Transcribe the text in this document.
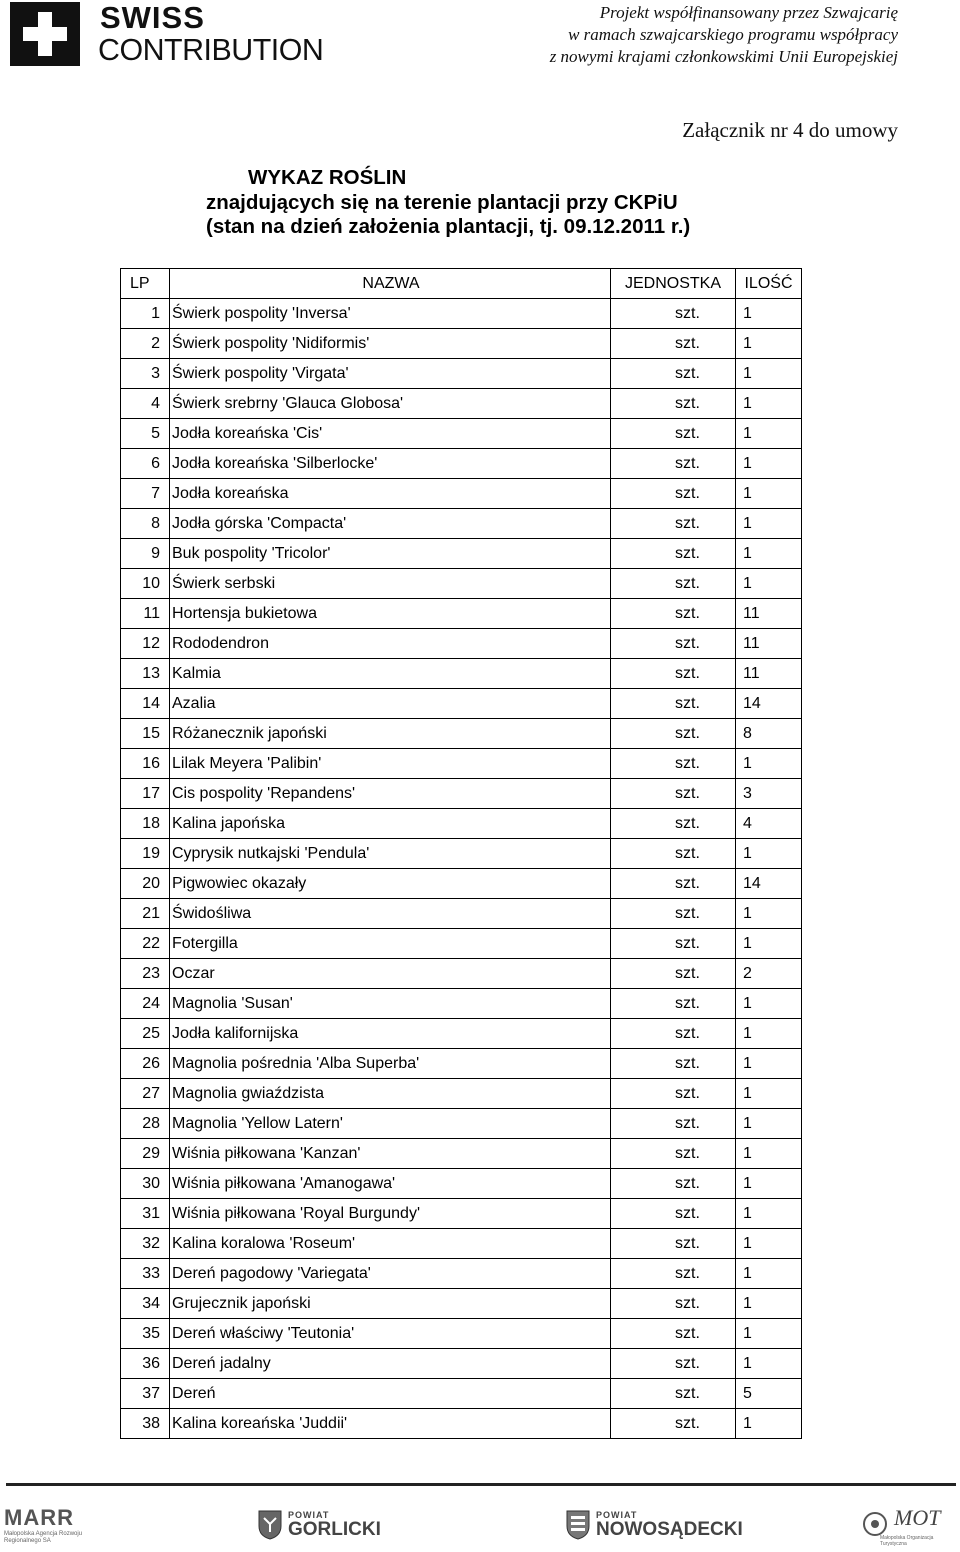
SWISS
CONTRIBUTION
Projekt współfinansowany przez Szwajcarię
w ramach szwajcarskiego programu współpracy
z nowymi krajami członkowskimi Unii Europejskiej
Załącznik nr 4 do umowy
WYKAZ ROŚLIN
znajdujących się na terenie plantacji przy CKPiU
(stan na dzień założenia plantacji, tj. 09.12.2011 r.)
LP	NAZWA	JEDNOSTKA	ILOŚĆ
1	Świerk pospolity 'Inversa'	szt.	1
2	Świerk pospolity 'Nidiformis'	szt.	1
3	Świerk pospolity 'Virgata'	szt.	1
4	Świerk srebrny 'Glauca Globosa'	szt.	1
5	Jodła koreańska 'Cis'	szt.	1
6	Jodła koreańska 'Silberlocke'	szt.	1
7	Jodła koreańska	szt.	1
8	Jodła górska 'Compacta'	szt.	1
9	Buk pospolity 'Tricolor'	szt.	1
10	Świerk serbski	szt.	1
11	Hortensja bukietowa	szt.	11
12	Rododendron	szt.	11
13	Kalmia	szt.	11
14	Azalia	szt.	14
15	Różanecznik japoński	szt.	8
16	Lilak Meyera 'Palibin'	szt.	1
17	Cis pospolity 'Repandens'	szt.	3
18	Kalina japońska	szt.	4
19	Cyprysik nutkajski 'Pendula'	szt.	1
20	Pigwowiec okazały	szt.	14
21	Świdośliwa	szt.	1
22	Fotergilla	szt.	1
23	Oczar	szt.	2
24	Magnolia 'Susan'	szt.	1
25	Jodła kalifornijska	szt.	1
26	Magnolia pośrednia 'Alba Superba'	szt.	1
27	Magnolia gwiaździsta	szt.	1
28	Magnolia 'Yellow Latern'	szt.	1
29	Wiśnia piłkowana 'Kanzan'	szt.	1
30	Wiśnia piłkowana 'Amanogawa'	szt.	1
31	Wiśnia piłkowana 'Royal Burgundy'	szt.	1
32	Kalina koralowa 'Roseum'	szt.	1
33	Dereń pagodowy 'Variegata'	szt.	1
34	Grujecznik japoński	szt.	1
35	Dereń właściwy 'Teutonia'	szt.	1
36	Dereń jadalny	szt.	1
37	Dereń	szt.	5
38	Kalina koreańska 'Juddii'	szt.	1
MARR
Małopolska Agencja Rozwoju Regionalnego SA
POWIAT
GORLICKI
POWIAT
NOWOSĄDECKI	MOT
Małopolska Organizacja Turystyczna
